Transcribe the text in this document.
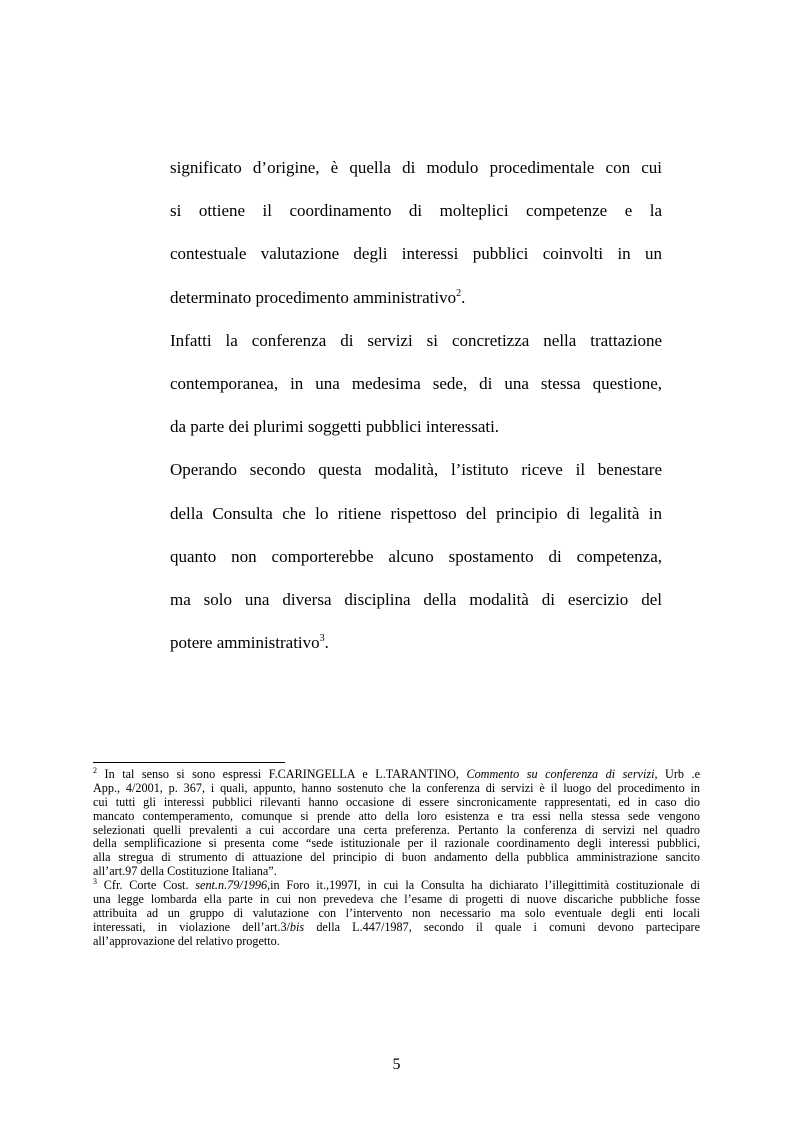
significato d’origine, è quella di modulo procedimentale con cui
si ottiene il coordinamento di molteplici competenze e la
contestuale valutazione degli interessi pubblici coinvolti in un
determinato procedimento amministrativo$^2$.
Infatti la conferenza di servizi si concretizza nella trattazione
contemporanea, in una medesima sede, di una stessa questione,
da parte dei plurimi soggetti pubblici interessati.
Operando secondo questa modalità, l’istituto riceve il benestare
della Consulta che lo ritiene rispettoso del principio di legalità in
quanto non comporterebbe alcuno spostamento di competenza,
ma solo una diversa disciplina della modalità di esercizio del
potere amministrativo$^3$.
$^2$ In tal senso si sono espressi F.CARINGELLA e L.TARANTINO, Commento su conferenza di servizi, Urb .e
App., 4/2001, p. 367, i quali, appunto, hanno sostenuto che la conferenza di servizi è il luogo del procedimento in
cui tutti gli interessi pubblici rilevanti hanno occasione di essere sincronicamente rappresentati, ed in caso dio
mancato contemperamento, comunque si prende atto della loro esistenza e tra essi nella stessa sede vengono
selezionati quelli prevalenti a cui accordare una certa preferenza. Pertanto la conferenza di servizi nel quadro
della semplificazione si presenta come “sede istituzionale per il razionale coordinamento degli interessi pubblici,
alla stregua di strumento di attuazione del principio di buon andamento della pubblica amministrazione sancito
all’art.97 della Costituzione Italiana”.
$^3$ Cfr. Corte Cost. sent.n.79/1996,in Foro it.,1997I, in cui la Consulta ha dichiarato l’illegittimità costituzionale di
una legge lombarda ella parte in cui non prevedeva che l’esame di progetti di nuove discariche pubbliche fosse
attribuita ad un gruppo di valutazione con l’intervento non necessario ma solo eventuale degli enti locali
interessati, in violazione dell’art.3/bis della L.447/1987, secondo il quale i comuni devono partecipare
all’approvazione del relativo progetto.
5
